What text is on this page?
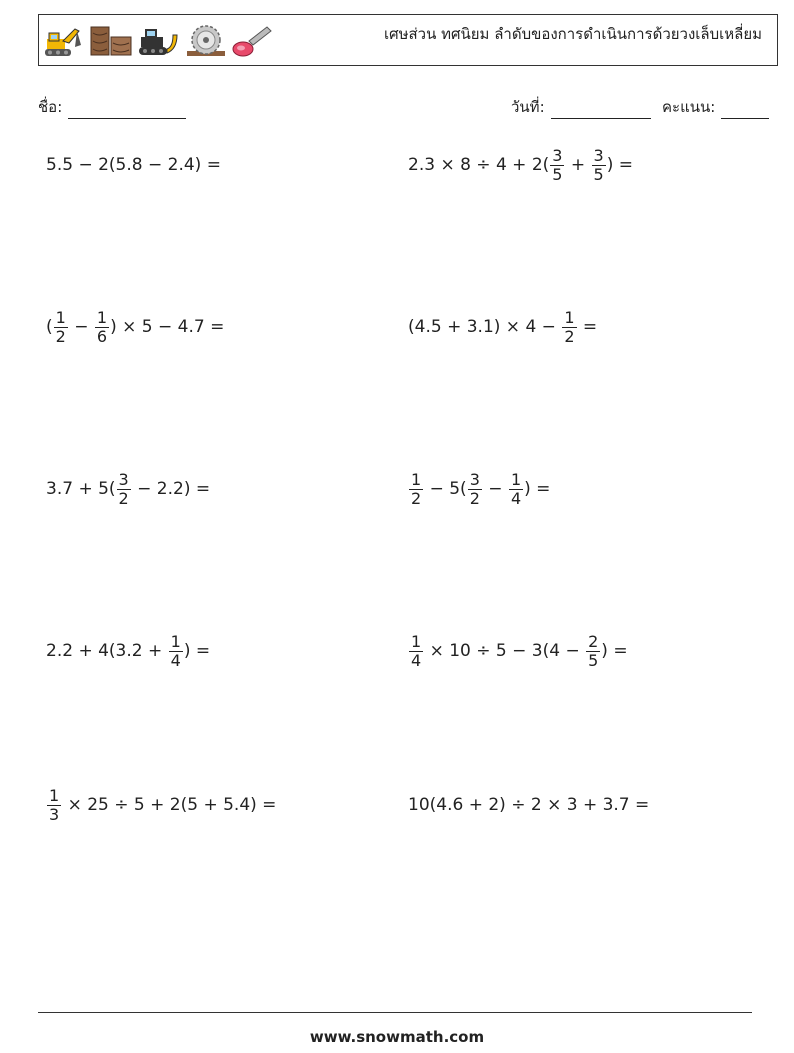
เศษส่วน ทศนิยม ลำดับของการดำเนินการด้วยวงเล็บเหลี่ยม
ชื่อ:	วันที่:	คะแนน:
5.5 − 2(5.8 − 2.4) =	$2.3 \times 8 \div 4 + 2( \frac{3}{5} + \frac{3}{5}$ ) =
( $\frac{1}{2} - \frac{1}{6}$ ) × 5 − 4.7 =	$(4.5 + 3.1) \times 4 - \frac{1}{2}$ =
$3.7 + 5( \frac{3}{2} - 2.2)$ =	$\frac{1}{2} - 5( \frac{3}{2} - \frac{1}{4}$ ) =
$2.2 + 4(3.2 + \frac{1}{4}$ ) =	$\frac{1}{4} \times 10 \div 5 - 3(4 - \frac{2}{5}$ ) =
$\frac{1}{3} \times 25 \div 5 + 2(5 + 5.4)$ =	10(4.6 + 2) ÷ 2 × 3 + 3.7 =
www.snowmath.com
